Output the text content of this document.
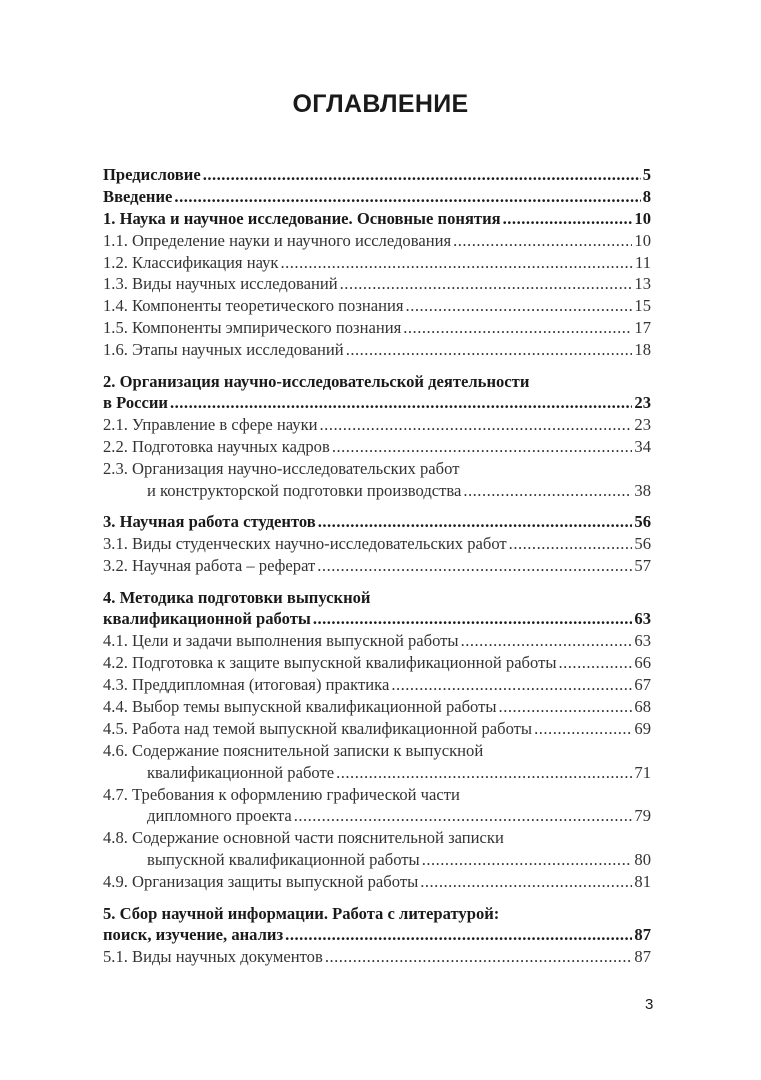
ОГЛАВЛЕНИЕ
Предисловие .....	5
Введение .....	8
1. Наука и научное исследование. Основные понятия .....	10
1.1. Определение науки и научного исследования .....	10
1.2. Классификация наук .....	11
1.3. Виды научных исследований .....	13
1.4. Компоненты теоретического познания .....	15
1.5. Компоненты эмпирического познания .....	17
1.6. Этапы научных исследований .....	18
2. Организация научно-исследовательской деятельности
в России .....	23
2.1. Управление в сфере науки .....	23
2.2. Подготовка научных кадров .....	34
2.3. Организация научно-исследовательских работ
и конструкторской подготовки производства .....	38
3. Научная работа студентов .....	56
3.1. Виды студенческих научно-исследовательских работ .....	56
3.2. Научная работа – реферат .....	57
4. Методика подготовки выпускной
квалификационной работы .....	63
4.1. Цели и задачи выполнения выпускной работы .....	63
4.2. Подготовка к защите выпускной квалификационной работы .....	66
4.3. Преддипломная (итоговая) практика .....	67
4.4. Выбор темы выпускной квалификационной работы .....	68
4.5. Работа над темой выпускной квалификационной работы .....	69
4.6. Содержание пояснительной записки к выпускной
квалификационной работе .....	71
4.7. Требования к оформлению графической части
дипломного проекта .....	79
4.8. Содержание основной части пояснительной записки
выпускной квалификационной работы .....	80
4.9. Организация защиты выпускной работы .....	81
5. Сбор научной информации. Работа с литературой:
поиск, изучение, анализ .....	87
5.1. Виды научных документов .....	87
3
